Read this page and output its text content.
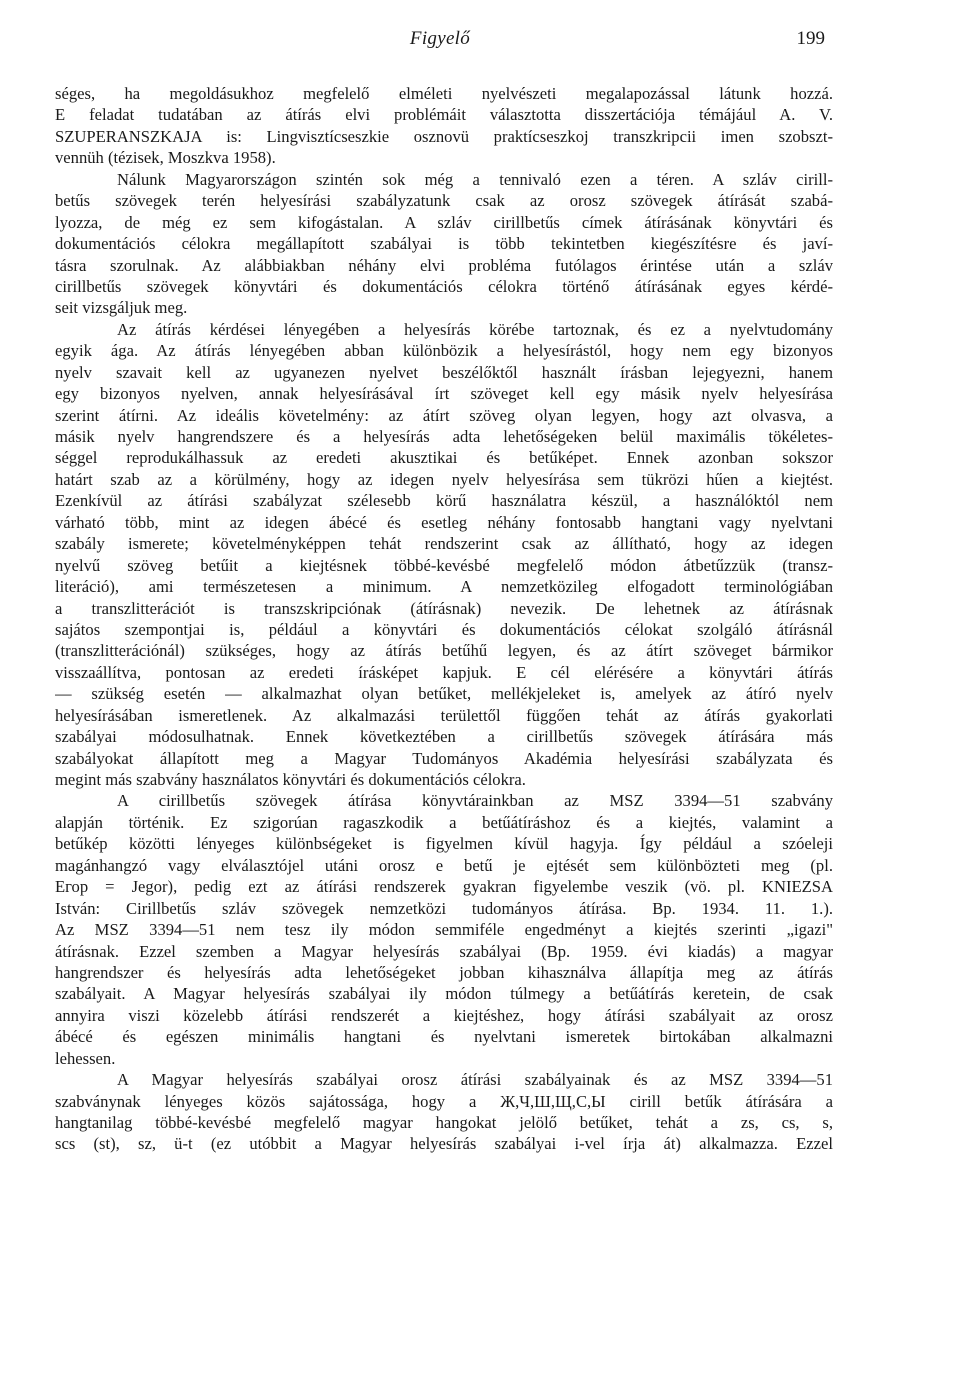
Figyelő	199
séges, ha megoldásukhoz megfelelő elméleti nyelvészeti megalapozással látunk hozzá.
E feladat tudatában az átírás elvi problémáit választotta disszertációja témájául A. V.
SZUPERANSZKAJA is: Lingvisztícseszkie osznovü praktícseszkoj transzkripcii imen szobszt-
vennüh (tézisek, Moszkva 1958).
Nálunk Magyarországon szintén sok még a tennivaló ezen a téren. A szláv cirill-
betűs szövegek terén helyesírási szabályzatunk csak az orosz szövegek átírását szabá-
lyozza, de még ez sem kifogástalan. A szláv cirillbetűs címek átírásának könyvtári és
dokumentációs célokra megállapított szabályai is több tekintetben kiegészítésre és javí-
tásra szorulnak. Az alábbiakban néhány elvi probléma futólagos érintése után a szláv
cirillbetűs szövegek könyvtári és dokumentációs célokra történő átírásának egyes kérdé-
seit vizsgáljuk meg.
Az átírás kérdései lényegében a helyesírás körébe tartoznak, és ez a nyelvtudomány
egyik ága. Az átírás lényegében abban különbözik a helyesírástól, hogy nem egy bizonyos
nyelv szavait kell az ugyanezen nyelvet beszélőktől használt írásban lejegyezni, hanem
egy bizonyos nyelven, annak helyesírásával írt szöveget kell egy másik nyelv helyesírása
szerint átírni. Az ideális követelmény: az átírt szöveg olyan legyen, hogy azt olvasva, a
másik nyelv hangrendszere és a helyesírás adta lehetőségeken belül maximális tökéletes-
séggel reprodukálhassuk az eredeti akusztikai és betűképet. Ennek azonban sokszor
határt szab az a körülmény, hogy az idegen nyelv helyesírása sem tükrözi hűen a kiejtést.
Ezenkívül az átírási szabályzat szélesebb körű használatra készül, a használóktól nem
várható több, mint az idegen ábécé és esetleg néhány fontosabb hangtani vagy nyelvtani
szabály ismerete; követelményképpen tehát rendszerint csak az állítható, hogy az idegen
nyelvű szöveg betűit a kiejtésnek többé-kevésbé megfelelő módon átbetűzzük (transz-
literáció), ami természetesen a minimum. A nemzetközileg elfogadott terminológiában
a transzlitterációt is transzskripciónak (átírásnak) nevezik. De lehetnek az átírásnak
sajátos szempontjai is, például a könyvtári és dokumentációs célokat szolgáló átírásnál
(transzlitterációnál) szükséges, hogy az átírás betűhű legyen, és az átírt szöveget bármikor
visszaállítva, pontosan az eredeti írásképet kapjuk. E cél elérésére a könyvtári átírás
— szükség esetén — alkalmazhat olyan betűket, mellékjeleket is, amelyek az átíró nyelv
helyesírásában ismeretlenek. Az alkalmazási területtől függően tehát az átírás gyakorlati
szabályai módosulhatnak. Ennek következtében a cirillbetűs szövegek átírására más
szabályokat állapított meg a Magyar Tudományos Akadémia helyesírási szabályzata és
megint más szabvány használatos könyvtári és dokumentációs célokra.
A cirillbetűs szövegek átírása könyvtárainkban az MSZ 3394—51 szabvány
alapján történik. Ez szigorúan ragaszkodik a betűátíráshoz és a kiejtés, valamint a
betűkép közötti lényeges különbségeket is figyelmen kívül hagyja. Így például a szóeleji
magánhangzó vagy elválasztójel utáni orosz e betű je ejtését sem különbözteti meg (pl.
Егор = Jegor), pedig ezt az átírási rendszerek gyakran figyelembe veszik (vö. pl. KNIEZSA
István: Cirillbetűs szláv szövegek nemzetközi tudományos átírása. Bp. 1934. 11. 1.).
Az MSZ 3394—51 nem tesz ily módon semmiféle engedményt a kiejtés szerinti „igazi"
átírásnak. Ezzel szemben a Magyar helyesírás szabályai (Bp. 1959. évi kiadás) a magyar
hangrendszer és helyesírás adta lehetőségeket jobban kihasználva állapítja meg az átírás
szabályait. A Magyar helyesírás szabályai ily módon túlmegy a betűátírás keretein, de csak
annyira viszi közelebb átírási rendszerét a kiejtéshez, hogy átírási szabályait az orosz
ábécé és egészen minimális hangtani és nyelvtani ismeretek birtokában alkalmazni
lehessen.
A Magyar helyesírás szabályai orosz átírási szabályainak és az MSZ 3394—51
szabványnak lényeges közös sajátossága, hogy a Ж,Ч,Ш,Щ,С,Ы cirill betűk átírására a
hangtanilag többé-kevésbé megfelelő magyar hangokat jelölő betűket, tehát a zs, cs, s,
scs (st), sz, ü-t (ez utóbbit a Magyar helyesírás szabályai i-vel írja át) alkalmazza. Ezzel
